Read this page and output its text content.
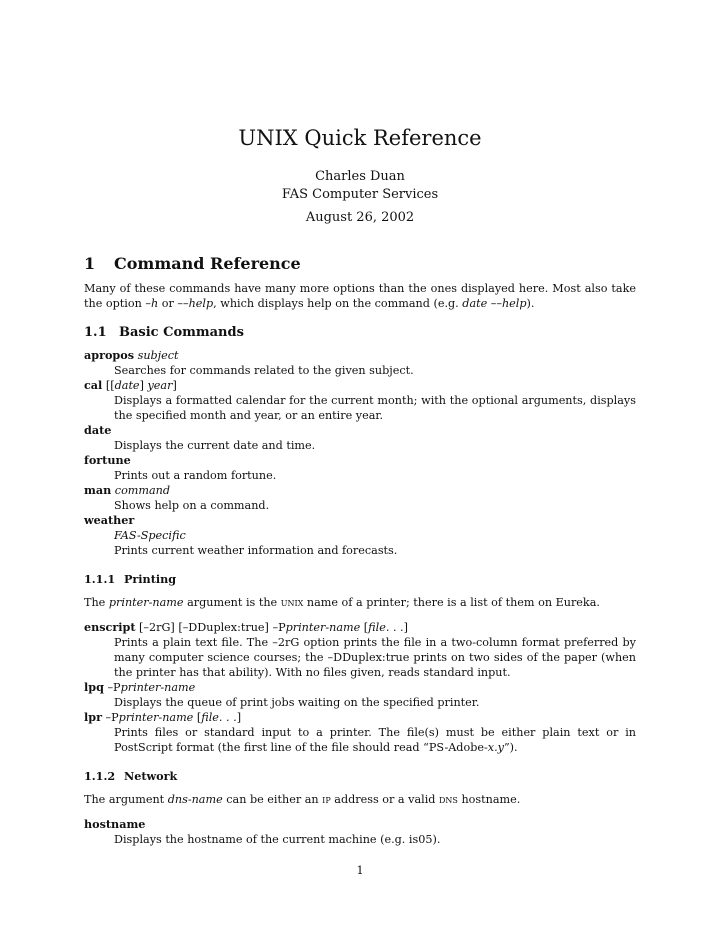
UNIX Quick Reference
Charles Duan
FAS Computer Services
August 26, 2002
1 Command Reference

Many of these commands have many more options than the ones displayed here. Most also take the option –h or ––help, which displays help on the command (e.g. date ––help).

1.1 Basic Commands
apropos subject
Searches for commands related to the given subject.
cal [[date] year]
Displays a formatted calendar for the current month; with the optional arguments, displays the specified month and year, or an entire year.
date
Displays the current date and time.
fortune
Prints out a random fortune.
man command
Shows help on a command.
weather
FAS-Specific
Prints current weather information and forecasts.
1.1.1 Printing

The printer-name argument is the unix name of a printer; there is a list of them on Eureka.

enscript [–2rG] [–DDuplex:true] –Pprinter-name [file. . .]
Prints a plain text file. The –2rG option prints the file in a two-column format preferred by many computer science courses; the –DDuplex:true prints on two sides of the paper (when the printer has that ability). With no files given, reads standard input.
lpq –Pprinter-name
Displays the queue of print jobs waiting on the specified printer.
lpr –Pprinter-name [file. . .]
Prints files or standard input to a printer. The file(s) must be either plain text or in PostScript format (the first line of the file should read “PS-Adobe-x.y”).
1.1.2 Network

The argument dns-name can be either an ip address or a valid dns hostname.

hostname
Displays the hostname of the current machine (e.g. is05).
1
